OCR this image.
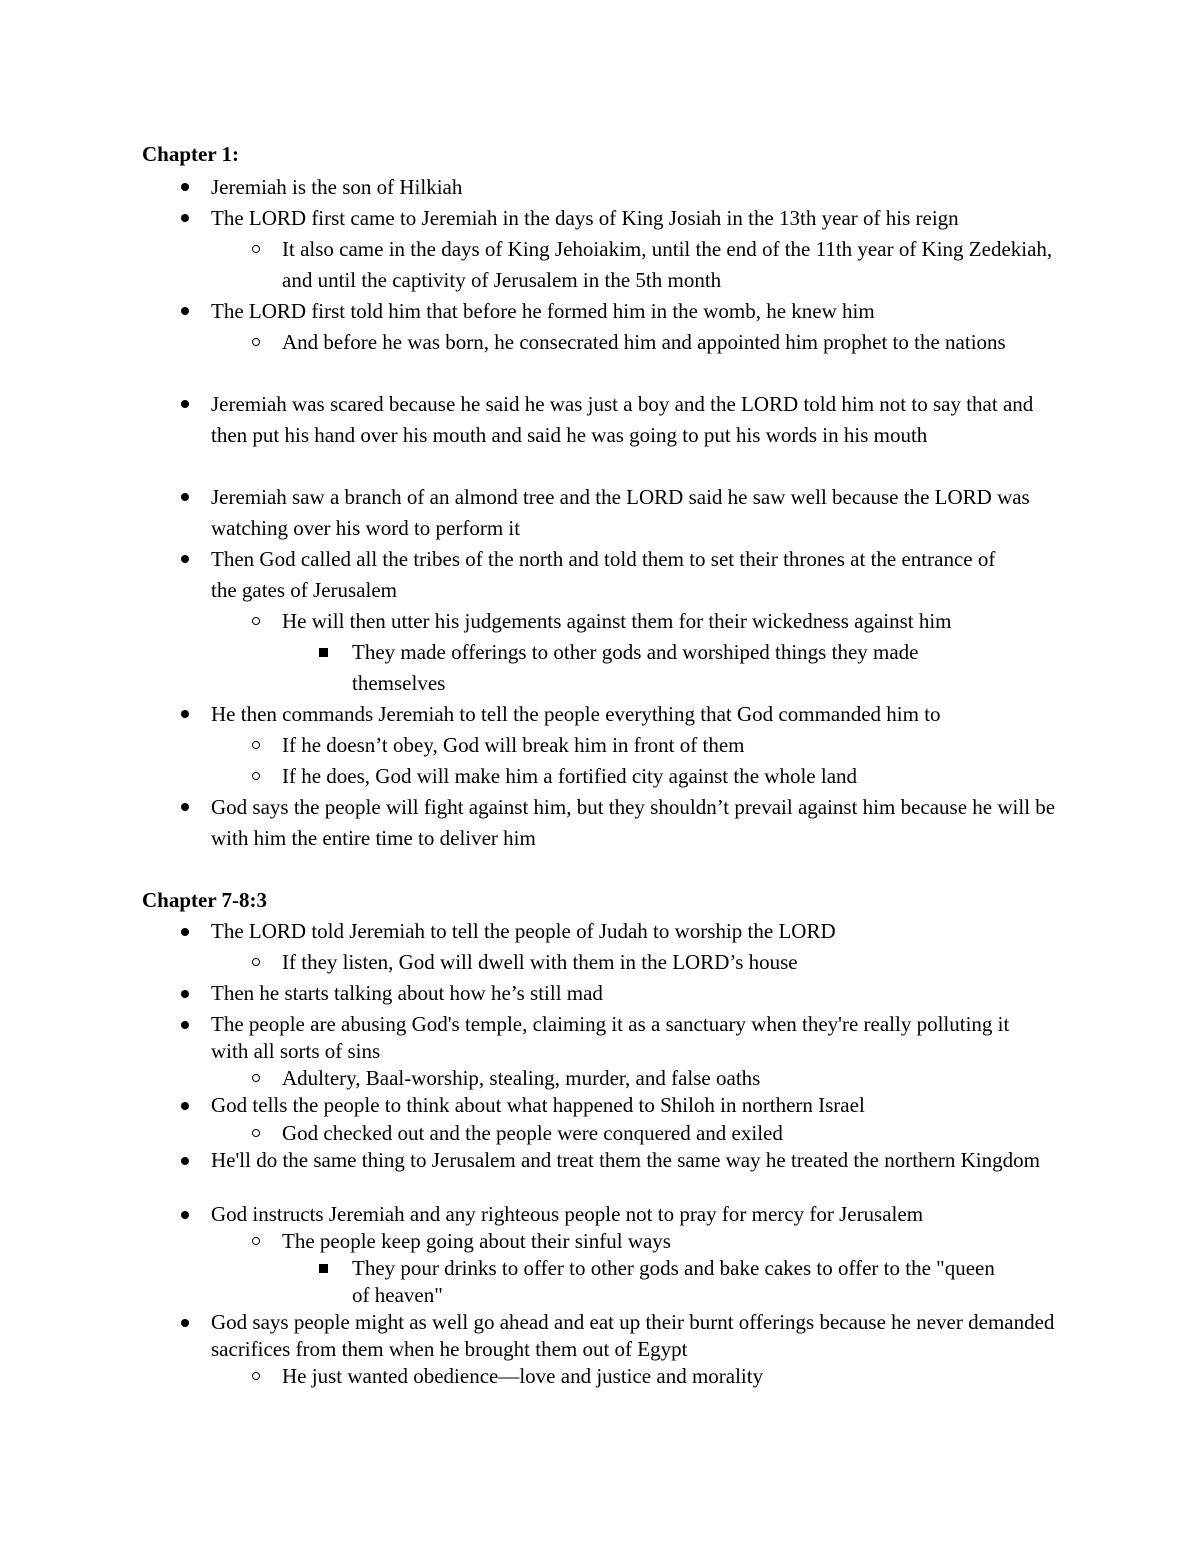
Chapter 1:
Jeremiah is the son of Hilkiah
The LORD first came to Jeremiah in the days of King Josiah in the 13th year of his reign
It also came in the days of King Jehoiakim, until the end of the 11th year of King Zedekiah, and until the captivity of Jerusalem in the 5th month
The LORD first told him that before he formed him in the womb, he knew him
And before he was born, he consecrated him and appointed him prophet to the nations
Jeremiah was scared because he said he was just a boy and the LORD told him not to say that and then put his hand over his mouth and said he was going to put his words in his mouth
Jeremiah saw a branch of an almond tree and the LORD said he saw well because the LORD was watching over his word to perform it
Then God called all the tribes of the north and told them to set their thrones at the entrance of the gates of Jerusalem
He will then utter his judgements against them for their wickedness against him
They made offerings to other gods and worshiped things they made themselves
He then commands Jeremiah to tell the people everything that God commanded him to
If he doesn’t obey, God will break him in front of them
If he does, God will make him a fortified city against the whole land
God says the people will fight against him, but they shouldn’t prevail against him because he will be with him the entire time to deliver him
Chapter 7-8:3
The LORD told Jeremiah to tell the people of Judah to worship the LORD
If they listen, God will dwell with them in the LORD’s house
Then he starts talking about how he’s still mad
The people are abusing God's temple, claiming it as a sanctuary when they're really polluting it with all sorts of sins
Adultery, Baal-worship, stealing, murder, and false oaths
God tells the people to think about what happened to Shiloh in northern Israel
God checked out and the people were conquered and exiled
He'll do the same thing to Jerusalem and treat them the same way he treated the northern Kingdom
God instructs Jeremiah and any righteous people not to pray for mercy for Jerusalem
The people keep going about their sinful ways
They pour drinks to offer to other gods and bake cakes to offer to the "queen of heaven"
God says people might as well go ahead and eat up their burnt offerings because he never demanded sacrifices from them when he brought them out of Egypt
He just wanted obedience—love and justice and morality
